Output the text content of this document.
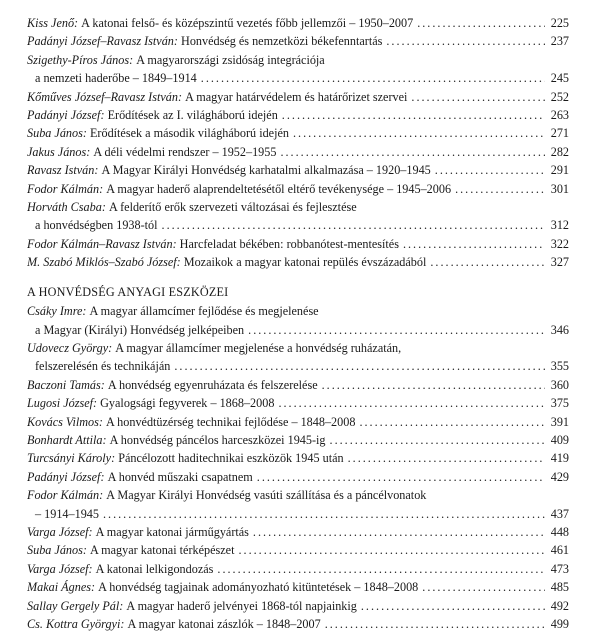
Kiss Jenő:
A katonai felső- és középszintű vezetés főbb jellemzői – 1950–2007 .....	225
Padányi József–Ravasz István:
Honvédség és nemzetközi békefenntartás .....	237
Szigethy-Píros János:
A magyarországi zsidóság integrációja
a nemzeti haderőbe – 1849–1914 .....	245
Kőműves József–Ravasz István:
A magyar határvédelem és határőrizet szervei .....	252
Padányi József:
Erődítések az I. világháború idején .....	263
Suba János:
Erődítések a második világháború idején .....	271
Jakus János:
A déli védelmi rendszer – 1952–1955 .....	282
Ravasz István:
A Magyar Királyi Honvédség karhatalmi alkalmazása – 1920–1945 .....	291
Fodor Kálmán:
A magyar haderő alaprendeltetésétől eltérő tevékenysége – 1945–2006 .....	301
Horváth Csaba:
A felderítő erők szervezeti változásai és fejlesztése
a honvédségben 1938-tól .....	312
Fodor Kálmán–Ravasz István:
Harcfeladat békében: robbanótest-mentesítés .....	322
M. Szabó Miklós–Szabó József:
Mozaikok a magyar katonai repülés évszázadából .....	327
A HONVÉDSÉG ANYAGI ESZKÖZEI
Csáky Imre:
A magyar államcímer fejlődése és megjelenése
a Magyar (Királyi) Honvédség jelképeiben .....	346
Udovecz György:
A magyar államcímer megjelenése a honvédség ruházatán,
felszerelésén és technikáján .....	355
Baczoni Tamás:
A honvédség egyenruházata és felszerelése .....	360
Lugosi József:
Gyalogsági fegyverek – 1868–2008 .....	375
Kovács Vilmos:
A honvédtüzérség technikai fejlődése – 1848–2008 .....	391
Bonhardt Attila:
A honvédség páncélos harceszközei 1945-ig .....	409
Turcsányi Károly:
Páncélozott haditechnikai eszközök 1945 után .....	419
Padányi József:
A honvéd műszaki csapatnem .....	429
Fodor Kálmán:
A Magyar Királyi Honvédség vasúti szállítása és a páncélvonatok
– 1914–1945 .....	437
Varga József:
A magyar katonai járműgyártás .....	448
Suba János:
A magyar katonai térképészet .....	461
Varga József:
A katonai lelkigondozás .....	473
Makai Ágnes:
A honvédség tagjainak adományozható kitüntetések – 1848–2008 .....	485
Sallay Gergely Pál:
A magyar haderő jelvényei 1868-tól napjainkig .....	492
Cs. Kottra Györgyi:
A magyar katonai zászlók – 1848–2007 .....	499
